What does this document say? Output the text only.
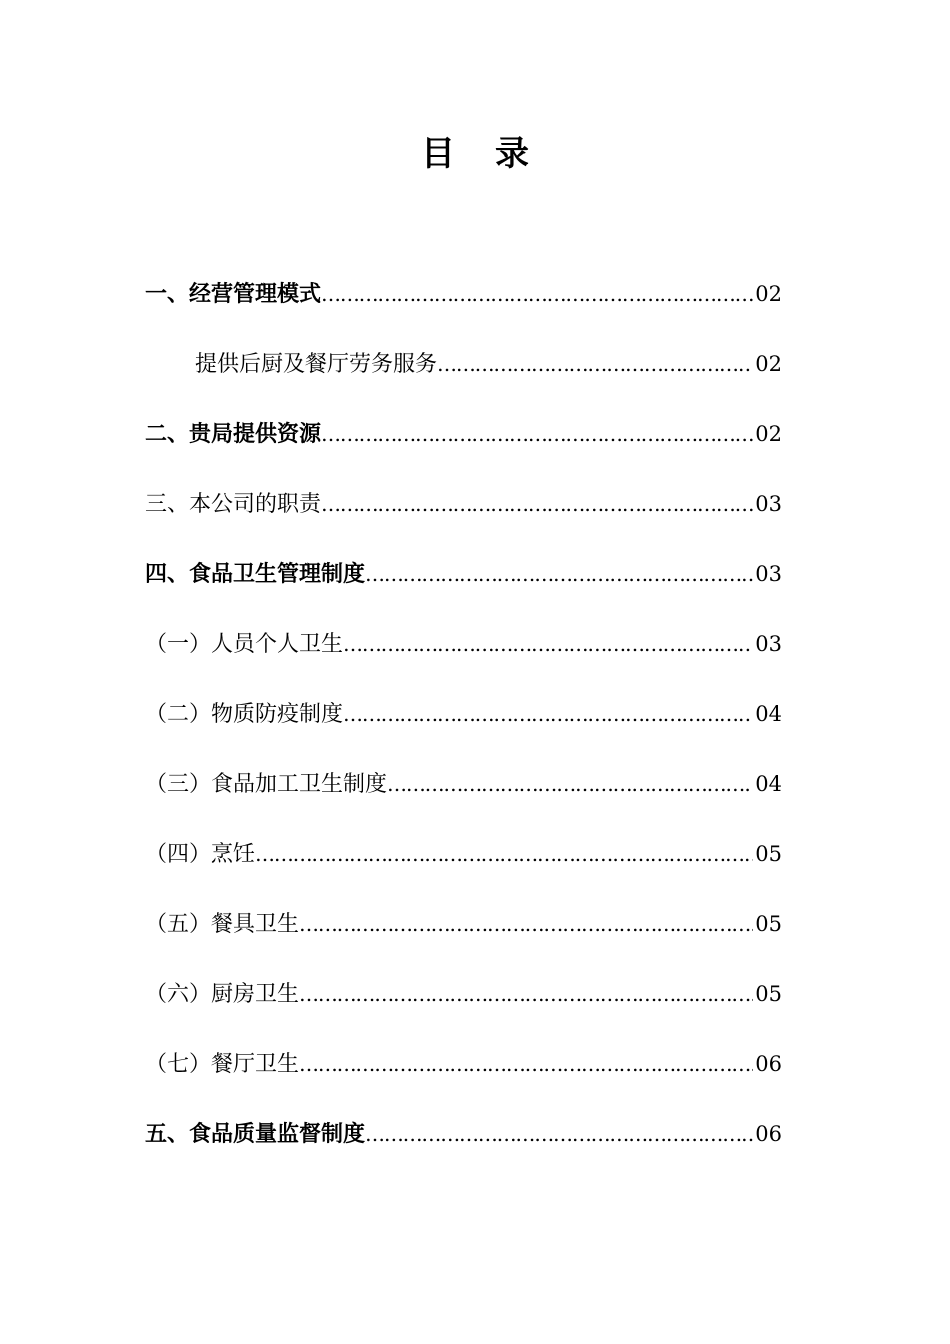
目 录
一、经营管理模式 ……………………………………………………………………………………………………………………………………………………	02
提供后厨及餐厅劳务服务 ……………………………………………………………………………………………………………………………………………………	02
二、贵局提供资源 ……………………………………………………………………………………………………………………………………………………	02
三、本公司的职责 ……………………………………………………………………………………………………………………………………………………	03
四、食品卫生管理制度 ……………………………………………………………………………………………………………………………………………………	03
（一）人员个人卫生 ……………………………………………………………………………………………………………………………………………………	03
（二）物质防疫制度 ……………………………………………………………………………………………………………………………………………………	04
（三）食品加工卫生制度 ……………………………………………………………………………………………………………………………………………………	04
（四）烹饪 ……………………………………………………………………………………………………………………………………………………	05
（五）餐具卫生 ……………………………………………………………………………………………………………………………………………………	05
（六）厨房卫生 ……………………………………………………………………………………………………………………………………………………	05
（七）餐厅卫生 ……………………………………………………………………………………………………………………………………………………	06
五、食品质量监督制度 ……………………………………………………………………………………………………………………………………………………	06
